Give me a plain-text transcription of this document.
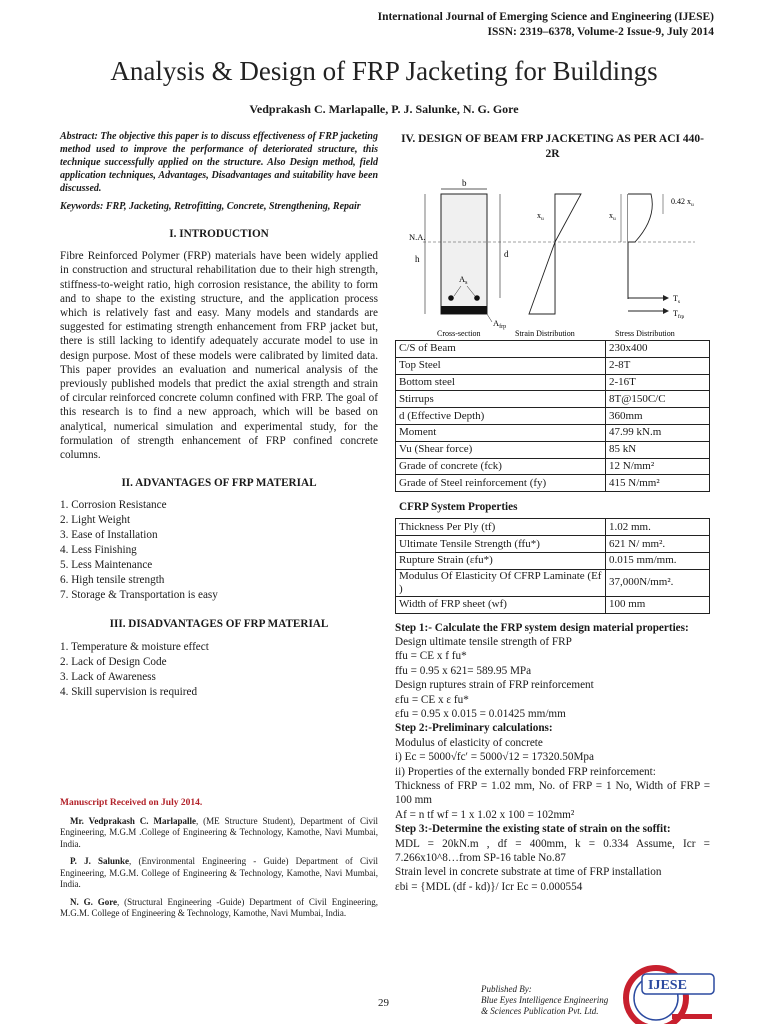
International Journal of Emerging Science and Engineering (IJESE)
ISSN: 2319–6378, Volume-2 Issue-9, July 2014
Analysis & Design of FRP Jacketing for Buildings
Vedprakash C. Marlapalle, P. J. Salunke, N. G. Gore
Abstract: The objective this paper is to discuss effectiveness of FRP jacketing method used to improve the performance of deteriorated structure, this technique successfully applied on the structure. Also Design method, field application techniques, Advantages, Disadvantages and suitability have been discussed.
Keywords: FRP, Jacketing, Retrofitting, Concrete, Strengthening, Repair
I. INTRODUCTION
Fibre Reinforced Polymer (FRP) materials have been widely applied in construction and structural rehabilitation due to their high strength, stiffness-to-weight ratio, high corrosion resistance, the ability to form and to shape to the existing structure, and the application process which is relatively fast and easy. Many models and standards are suggested for estimating strength enhancement from FRP jacket but, there is still lacking to identify adequately accurate model to use in design purpose. Most of these models were calibrated by limited data. This paper provides an evaluation and numerical analysis of the previously published models that predict the axial strength and strain of circular reinforced concrete column confined with FRP. The goal of this research is to find a new approach, which will be based on analytical, numerical simulation and experimental study, for the formulation of strength enhancement of FRP confined concrete columns.
II. ADVANTAGES OF FRP MATERIAL
1. Corrosion Resistance
2. Light Weight
3. Ease of Installation
4. Less Finishing
5. Less Maintenance
6. High tensile strength
7. Storage & Transportation is easy
III. DISADVANTAGES OF FRP MATERIAL
1. Temperature & moisture effect
2. Lack of Design Code
3. Lack of Awareness
4. Skill supervision is required
Manuscript Received on July 2014.
Mr. Vedprakash C. Marlapalle, (ME Structure Student), Department of Civil Engineering, M.G.M .College of Engineering & Technology, Kamothe, Navi Mumbai, India.
P. J. Salunke, (Environmental Engineering - Guide) Department of Civil Engineering, M.G.M. College of Engineering & Technology, Kamothe, Navi Mumbai, India.
N. G. Gore, (Structural Engineering -Guide) Department of Civil Engineering, M.G.M. College of Engineering & Technology, Kamothe, Navi Mumbai, India.
IV. DESIGN OF BEAM FRP JACKETING AS PER ACI 440-2R
b
N.A.
h
$A_s$
d
$A_{frp}$
$x_u$	$x_u$
0.42 $x_u$
$T_s$
$T_{frp}$
Cross-section	Strain Distribution	Stress Distribution
C/S of Beam	230x400
Top Steel	2-8T
Bottom steel	2-16T
Stirrups	8T@150C/C
d (Effective Depth)	360mm
Moment	47.99 kN.m
Vu (Shear force)	85 kN
Grade of concrete (fck)	12 N/mm²
Grade of Steel reinforcement (fy)	415 N/mm²
CFRP System Properties
Thickness Per Ply (tf)	1.02 mm.
Ultimate Tensile Strength (ffu*)	621 N/ mm².
Rupture Strain (εfu*)	0.015 mm/mm.
Modulus Of Elasticity Of CFRP Laminate (Ef )	37,000N/mm².
Width of FRP sheet (wf)	100 mm
Step 1:- Calculate the FRP system design material properties:
Design ultimate tensile strength of FRP
ffu = CE x f fu*
ffu = 0.95 x 621= 589.95 MPa
Design ruptures strain of FRP reinforcement
εfu = CE x ε fu*
εfu = 0.95 x 0.015 = 0.01425 mm/mm
Step 2:-Preliminary calculations:
Modulus of elasticity of concrete
i) Ec = 5000√fc′ = 5000√12 = 17320.50Mpa
ii) Properties of the externally bonded FRP reinforcement:
Thickness of FRP = 1.02 mm, No. of FRP = 1 No, Width of FRP = 100 mm
Af = n tf wf = 1 x 1.02 x 100 = 102mm²
Step 3:-Determine the existing state of strain on the soffit:
MDL = 20kN.m , df = 400mm, k = 0.334 Assume, Icr = 7.266x10^8…from SP-16 table No.87
Strain level in concrete substrate at time of FRP installation
εbi = {MDL (df - kd)}/ Icr Ec = 0.000554
29
Published By:
Blue Eyes Intelligence Engineering
& Sciences Publication Pvt. Ltd.
IJESE
